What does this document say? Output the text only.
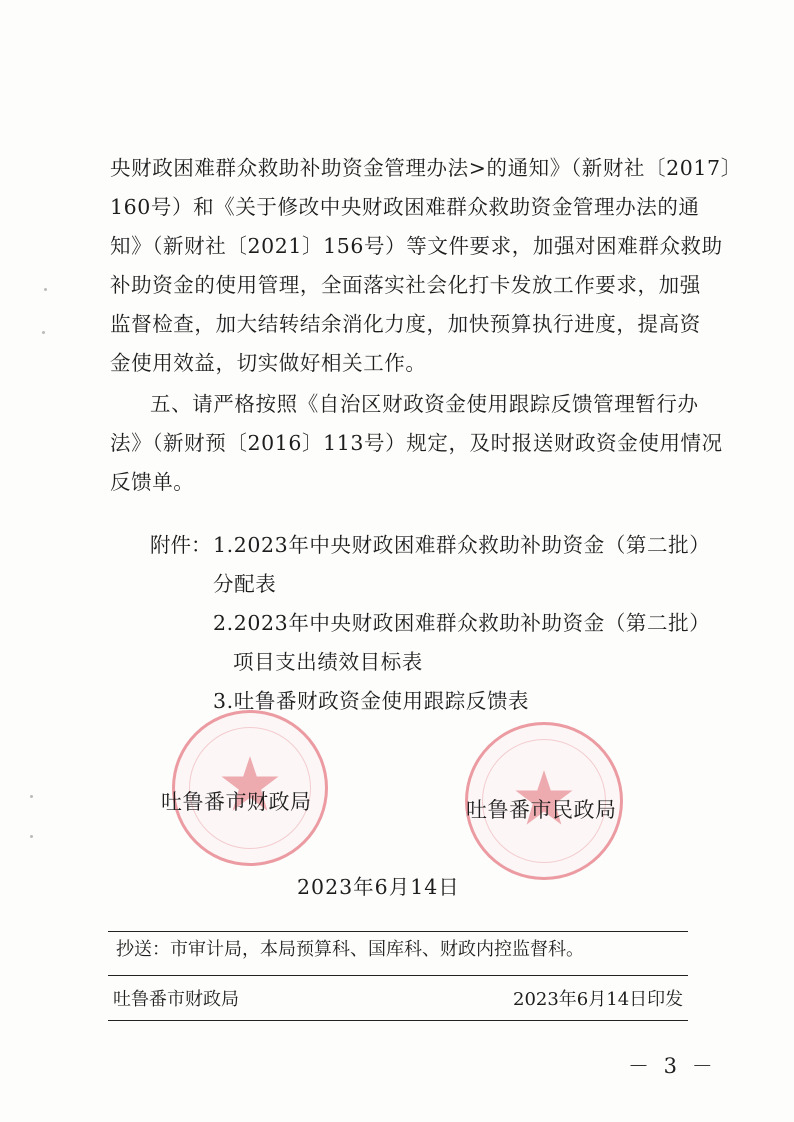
央财政困难群众救助补助资金管理办法>的通知》（新财社〔2017〕
160号）和《关于修改中央财政困难群众救助资金管理办法的通
知》（新财社〔2021〕156号）等文件要求，加强对困难群众救助
补助资金的使用管理，全面落实社会化打卡发放工作要求，加强
监督检查，加大结转结余消化力度，加快预算执行进度，提高资
金使用效益，切实做好相关工作。
五、请严格按照《自治区财政资金使用跟踪反馈管理暂行办
法》（新财预〔2016〕113号）规定，及时报送财政资金使用情况
反馈单。
附件： 1.2023年中央财政困难群众救助补助资金（第二批）
分配表
2.2023年中央财政困难群众救助补助资金（第二批）
项目支出绩效目标表
3.吐鲁番财政资金使用跟踪反馈表
吐鲁番市财政局	吐鲁番市民政局
2023年6月14日
抄送：市审计局，本局预算科、国库科、财政内控监督科。
吐鲁番市财政局	2023年6月14日印发
－ 3 －
